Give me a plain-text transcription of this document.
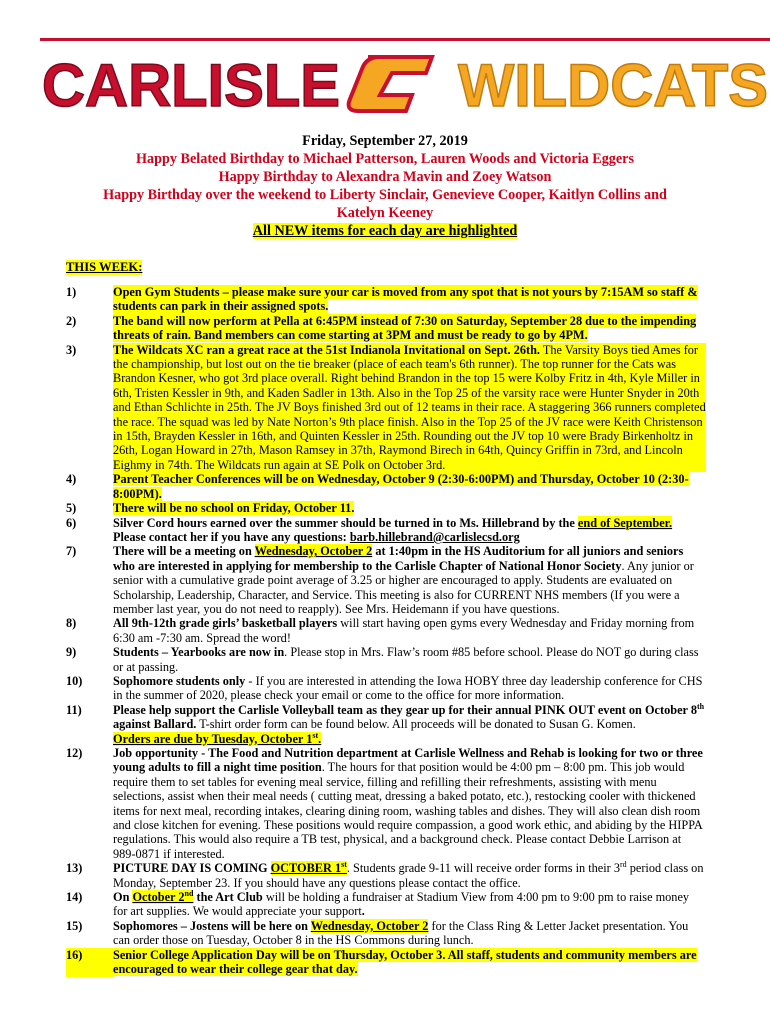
CARLISLE WILDCATS
Friday, September 27, 2019
Happy Belated Birthday to Michael Patterson, Lauren Woods and Victoria Eggers
Happy Birthday to Alexandra Mavin and Zoey Watson
Happy Birthday over the weekend to Liberty Sinclair, Genevieve Cooper, Kaitlyn Collins and
Katelyn Keeney
All NEW items for each day are highlighted
THIS WEEK:
1)	Open Gym Students – please make sure your car is moved from any spot that is not yours by 7:15AM so staff & students can park in their assigned spots.
2)	The band will now perform at Pella at 6:45PM instead of 7:30 on Saturday, September 28 due to the impending threats of rain. Band members can come starting at 3PM and must be ready to go by 4PM.
3)	The Wildcats XC ran a great race at the 51st Indianola Invitational on Sept. 26th. The Varsity Boys tied Ames for the championship, but lost out on the tie breaker (place of each team's 6th runner). The top runner for the Cats was Brandon Kesner, who got 3rd place overall. Right behind Brandon in the top 15 were Kolby Fritz in 4th, Kyle Miller in 6th, Tristen Kessler in 9th, and Kaden Sadler in 13th. Also in the Top 25 of the varsity race were Hunter Snyder in 20th and Ethan Schlichte in 25th. The JV Boys finished 3rd out of 12 teams in their race. A staggering 366 runners completed the race. The squad was led by Nate Norton’s 9th place finish. Also in the Top 25 of the JV race were Keith Christenson in 15th, Brayden Kessler in 16th, and Quinten Kessler in 25th. Rounding out the JV top 10 were Brady Birkenholtz in 26th, Logan Howard in 27th, Mason Ramsey in 37th, Raymond Birech in 64th, Quincy Griffin in 73rd, and Lincoln Eighmy in 74th. The Wildcats run again at SE Polk on October 3rd.
4)	Parent Teacher Conferences will be on Wednesday, October 9 (2:30-6:00PM) and Thursday, October 10 (2:30-8:00PM).
5)	There will be no school on Friday, October 11.
6)	Silver Cord hours earned over the summer should be turned in to Ms. Hillebrand by the end of September. Please contact her if you have any questions: barb.hillebrand@carlislecsd.org
7)	There will be a meeting on Wednesday, October 2 at 1:40pm in the HS Auditorium for all juniors and seniors who are interested in applying for membership to the Carlisle Chapter of National Honor Society. Any junior or senior with a cumulative grade point average of 3.25 or higher are encouraged to apply. Students are evaluated on Scholarship, Leadership, Character, and Service. This meeting is also for CURRENT NHS members (If you were a member last year, you do not need to reapply). See Mrs. Heidemann if you have questions.
8)	All 9th-12th grade girls’ basketball players will start having open gyms every Wednesday and Friday morning from 6:30 am -7:30 am. Spread the word!
9)	Students – Yearbooks are now in. Please stop in Mrs. Flaw’s room #85 before school. Please do NOT go during class or at passing.
10)	Sophomore students only - If you are interested in attending the Iowa HOBY three day leadership conference for CHS in the summer of 2020, please check your email or come to the office for more information.
11)	Please help support the Carlisle Volleyball team as they gear up for their annual PINK OUT event on October 8th against Ballard. T-shirt order form can be found below. All proceeds will be donated to Susan G. Komen.
Orders are due by Tuesday, October 1st.
12)	Job opportunity - The Food and Nutrition department at Carlisle Wellness and Rehab is looking for two or three young adults to fill a night time position. The hours for that position would be 4:00 pm – 8:00 pm. This job would require them to set tables for evening meal service, filling and refilling their refreshments, assisting with menu selections, assist when their meal needs ( cutting meat, dressing a baked potato, etc.), restocking cooler with thickened items for next meal, recording intakes, clearing dining room, washing tables and dishes. They will also clean dish room and close kitchen for evening. These positions would require compassion, a good work ethic, and abiding by the HIPPA regulations. This would also require a TB test, physical, and a background check. Please contact Debbie Larrison at 989-0871 if interested.
13)	PICTURE DAY IS COMING OCTOBER 1st. Students grade 9-11 will receive order forms in their 3rd period class on Monday, September 23. If you should have any questions please contact the office.
14)	On October 2nd the Art Club will be holding a fundraiser at Stadium View from 4:00 pm to 9:00 pm to raise money for art supplies. We would appreciate your support.
15)	Sophomores – Jostens will be here on Wednesday, October 2 for the Class Ring & Letter Jacket presentation. You can order those on Tuesday, October 8 in the HS Commons during lunch.
16)	Senior College Application Day will be on Thursday, October 3. All staff, students and community members are encouraged to wear their college gear that day.
